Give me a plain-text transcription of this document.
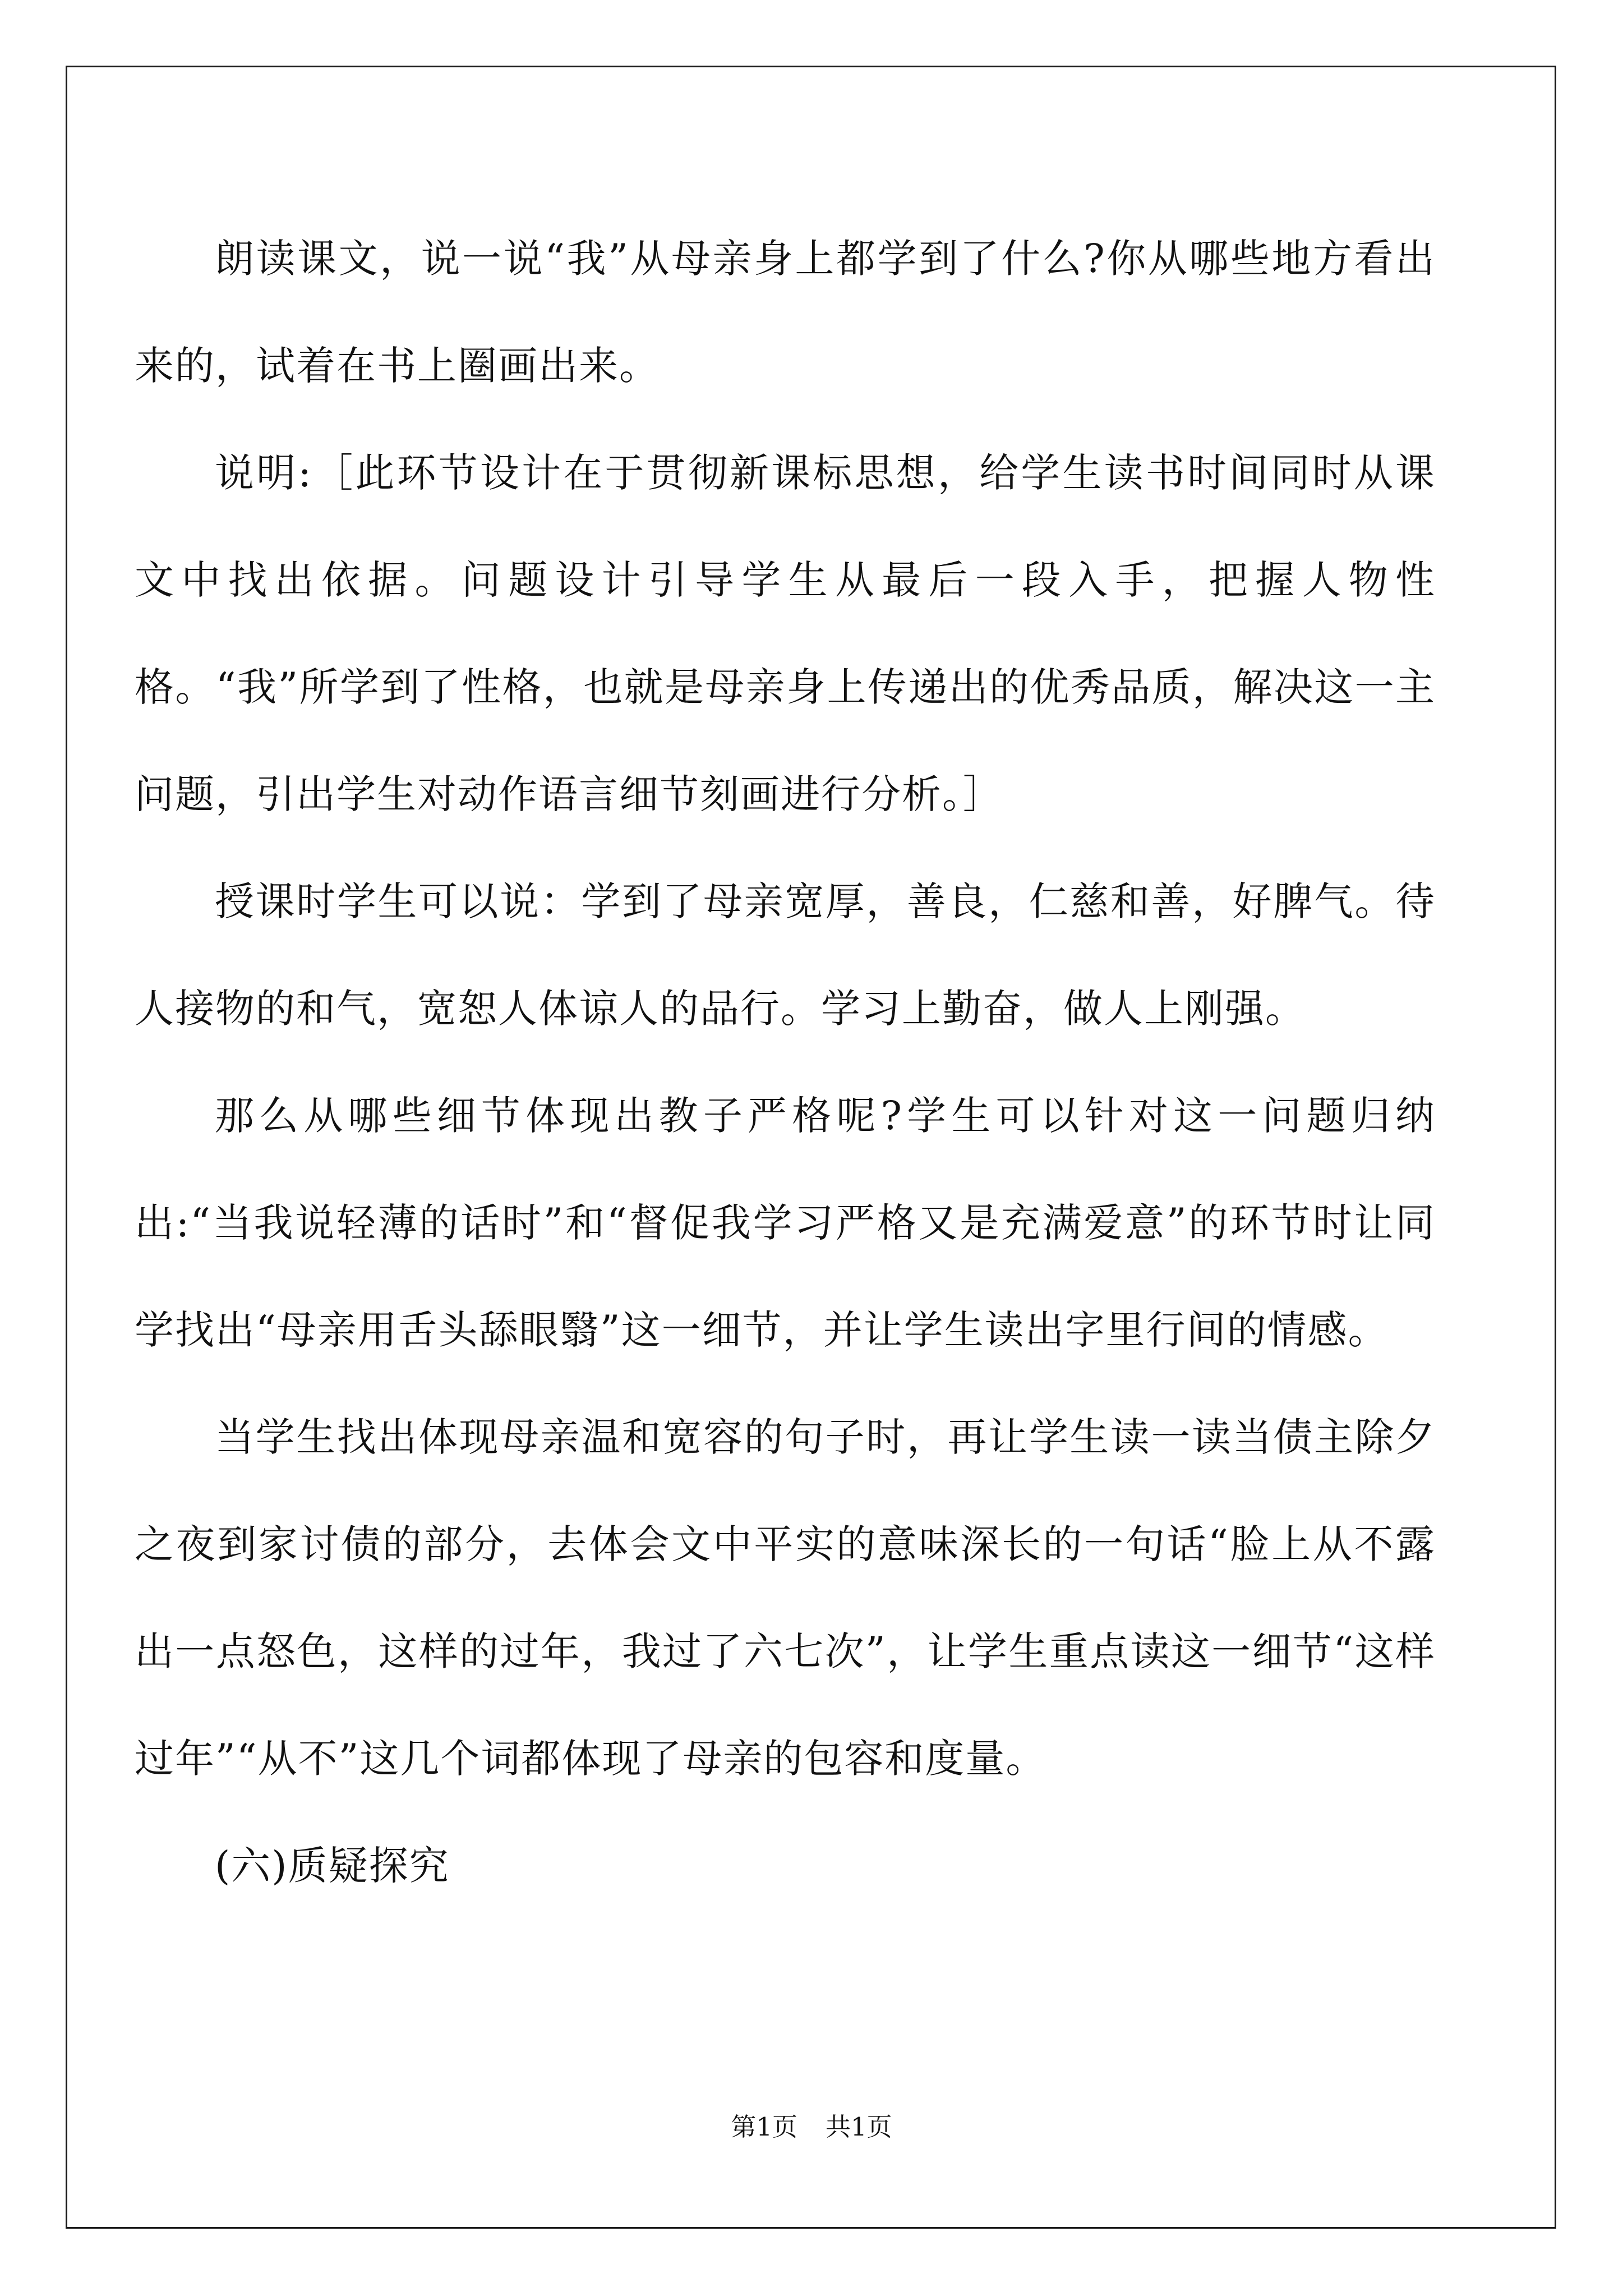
朗读课文，说一说“我”从母亲身上都学到了什么?你从哪些地方看出来的，试着在书上圈画出来。

说明:［此环节设计在于贯彻新课标思想，给学生读书时间同时从课文中找出依据。问题设计引导学生从最后一段入手，把握人物性格。“我”所学到了性格，也就是母亲身上传递出的优秀品质，解决这一主问题，引出学生对动作语言细节刻画进行分析。］

授课时学生可以说：学到了母亲宽厚，善良，仁慈和善，好脾气。待人接物的和气，宽恕人体谅人的品行。学习上勤奋，做人上刚强。

那么从哪些细节体现出教子严格呢?学生可以针对这一问题归纳出:“当我说轻薄的话时”和“督促我学习严格又是充满爱意”的环节时让同学找出“母亲用舌头舔眼翳”这一细节，并让学生读出字里行间的情感。

当学生找出体现母亲温和宽容的句子时，再让学生读一读当债主除夕之夜到家讨债的部分，去体会文中平实的意味深长的一句话“脸上从不露出一点怒色，这样的过年，我过了六七次”，让学生重点读这一细节“这样过年”“从不”这几个词都体现了母亲的包容和度量。

(六)质疑探究

第1页 共1页
